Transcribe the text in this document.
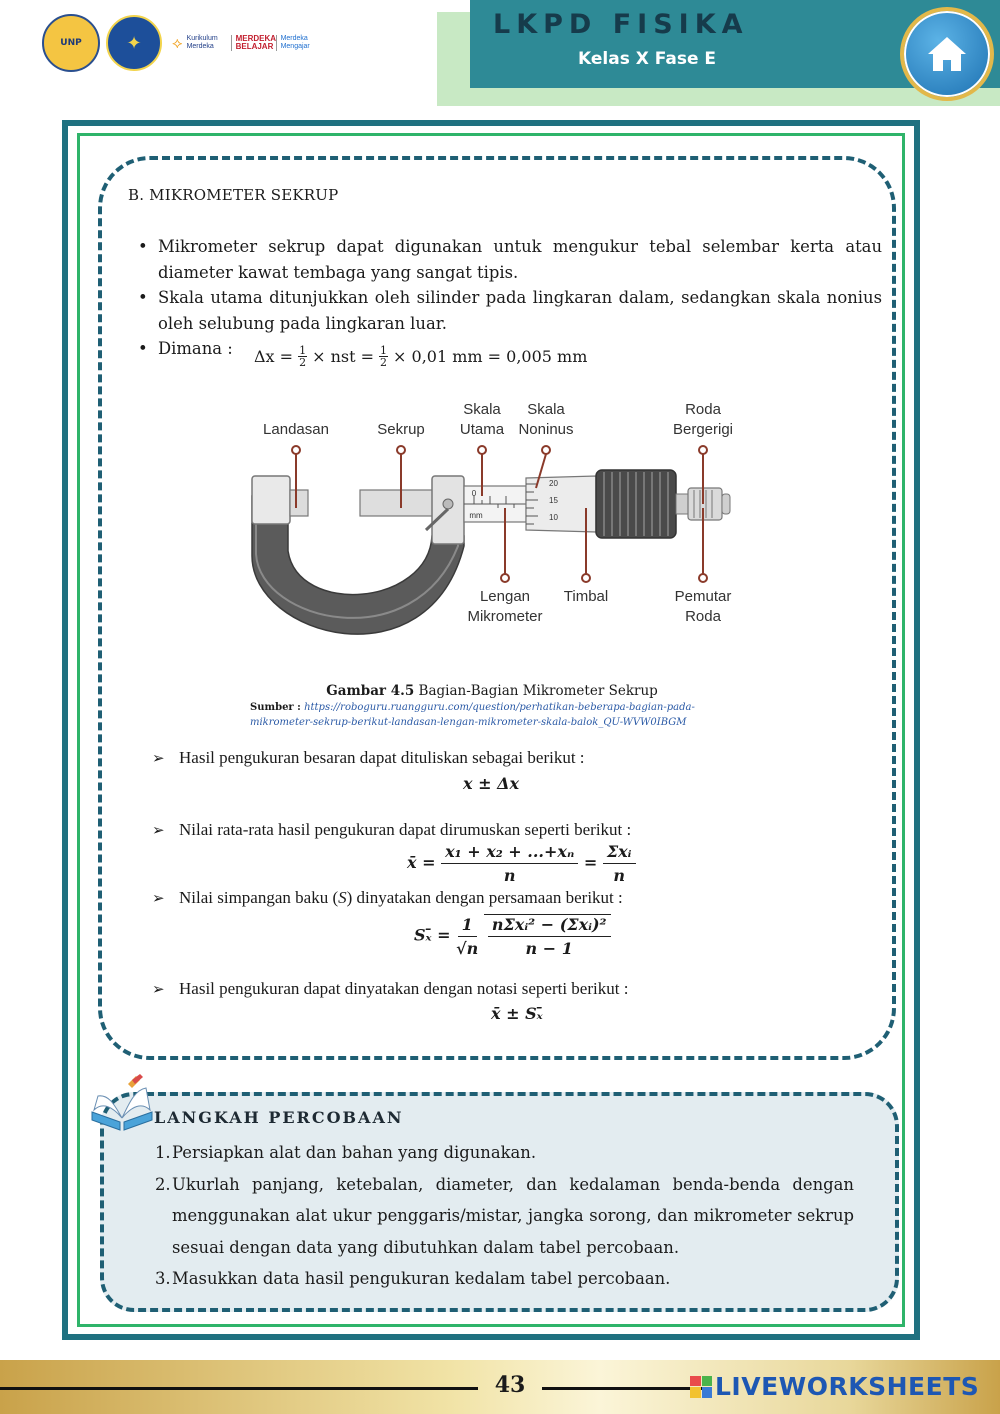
UNP ✦ ⟡ Kurikulum Merdeka
MERDEKA BELAJAR
Merdeka Mengajar
LKPD FISIKA
Kelas X Fase E
B. MIKROMETER SEKRUP
• Mikrometer sekrup dapat digunakan untuk mengukur tebal selembar kerta atau diameter kawat tembaga yang sangat tipis.
• Skala utama ditunjukkan oleh silinder pada lingkaran dalam, sedangkan skala nonius oleh selubung pada lingkaran luar.
• Dimana :	$\Delta x = \frac{1}{2}$ × nst = $\frac{1}{2} \times 0,01$ mm = 0,005 mm
Landasan	Sekrup
Skala
Utama
Skala
Noninus
Roda
Bergerigi
Lengan
Mikrometer
Timbal	Pemutar
Roda
0
mm
20
15
10
Gambar 4.5 Bagian-Bagian Mikrometer Sekrup
Sumber : https://roboguru.ruangguru.com/question/perhatikan-beberapa-bagian-pada-mikrometer-sekrup-berikut-landasan-lengan-mikrometer-skala-balok_QU-WVW0IBGM
➢ Hasil pengukuran besaran dapat dituliskan sebagai berikut :
x ± Δx
➢ Nilai rata-rata hasil pengukuran dapat dirumuskan seperti berikut :
x̄ = $\frac{\text{x₁ + x₂ + ...+xₙ}}{n}$ =
Σxᵢ
n
➢ Nilai simpangan baku (S) dinyatakan dengan persamaan berikut :
Sₓ̄ = $\frac{1}{√n}$
nΣxᵢ² − (Σxᵢ)²
n − 1
➢ Hasil pengukuran dapat dinyatakan dengan notasi seperti berikut :
x̄ ± Sₓ̄
LANGKAH PERCOBAAN
1. Persiapkan alat dan bahan yang digunakan.
2. Ukurlah panjang, ketebalan, diameter, dan kedalaman benda-benda dengan menggunakan alat ukur penggaris/mistar, jangka sorong, dan mikrometer sekrup sesuai dengan data yang dibutuhkan dalam tabel percobaan.
3. Masukkan data hasil pengukuran kedalam tabel percobaan.
43	LIVEWORKSHEETS
